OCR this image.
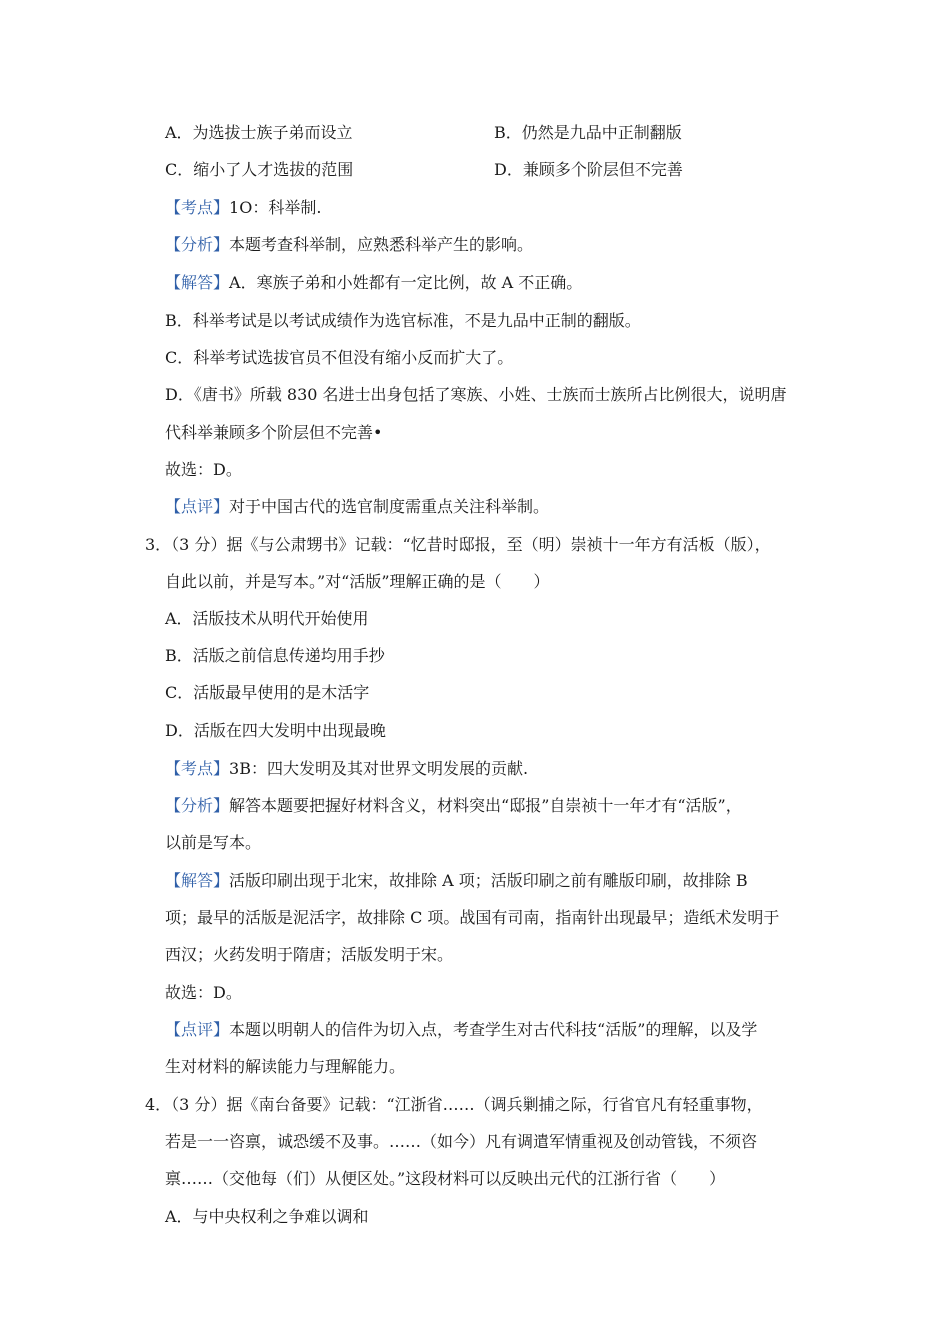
A．为选拔士族子弟而设立	B．仍然是九品中正制翻版
C．缩小了人才选拔的范围	D．兼顾多个阶层但不完善
【考点】1O：科举制.
【分析】本题考查科举制，应熟悉科举产生的影响。
【解答】A．寒族子弟和小姓都有一定比例，故 A 不正确。
B．科举考试是以考试成绩作为选官标准，不是九品中正制的翻版。
C．科举考试选拔官员不但没有缩小反而扩大了。
D．《唐书》所载 830 名进士出身包括了寒族、小姓、士族而士族所占比例很大，说明唐
代科举兼顾多个阶层但不完善•
故选：D。
【点评】对于中国古代的选官制度需重点关注科举制。
3．（3 分）据《与公肃甥书》记载：“忆昔时邸报，至（明）崇祯十一年方有活板（版），
自此以前，并是写本。”对“活版”理解正确的是（　　）
A．活版技术从明代开始使用
B．活版之前信息传递均用手抄
C．活版最早使用的是木活字
D．活版在四大发明中出现最晚
【考点】3B：四大发明及其对世界文明发展的贡献.
【分析】解答本题要把握好材料含义，材料突出“邸报”自崇祯十一年才有“活版”，
以前是写本。
【解答】活版印刷出现于北宋，故排除 A 项；活版印刷之前有雕版印刷，故排除 B
项；最早的活版是泥活字，故排除 C 项。战国有司南，指南针出现最早；造纸术发明于
西汉；火药发明于隋唐；活版发明于宋。
故选：D。
【点评】本题以明朝人的信件为切入点，考查学生对古代科技“活版”的理解，以及学
生对材料的解读能力与理解能力。
4．（3 分）据《南台备要》记载：“江浙省……（调兵剿捕之际，行省官凡有轻重事物，
若是一一咨禀，诚恐缓不及事。……（如今）凡有调遣军情重视及创动管钱，不须咨
禀……（交他每（们）从便区处。”这段材料可以反映出元代的江浙行省（　　）
A．与中央权利之争难以调和
